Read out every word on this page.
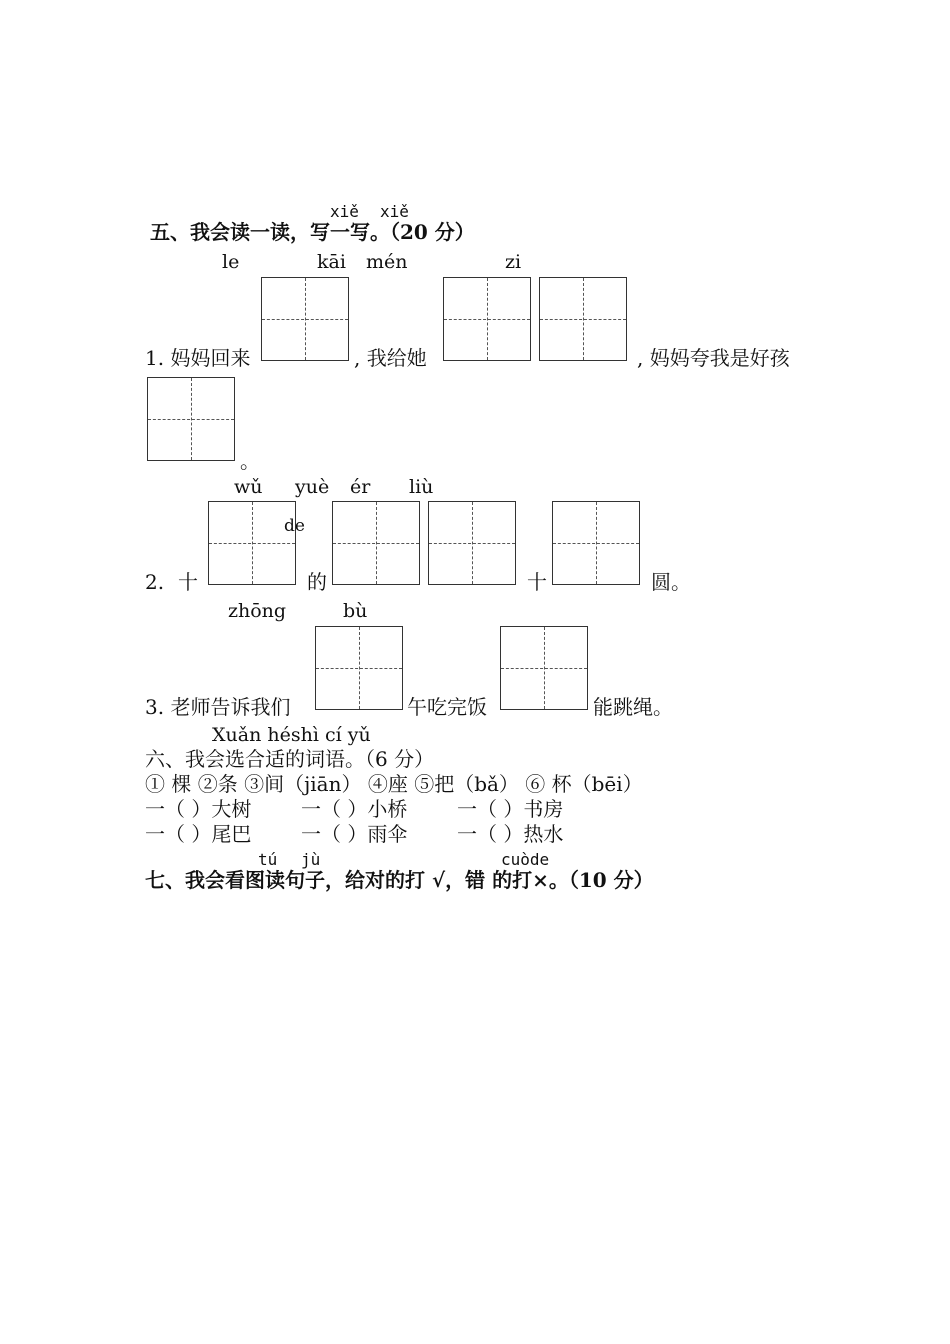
xiě xiě
五、我会读一读，写一写。（20 分）
le	kāi mén	zi
1. 妈妈回来	, 我给她	, 妈妈夸我是好孩
。
wǔ yuè ér liù
2. 十
de
的	十	圆。
zhōng	bù
3. 老师告诉我们	午吃完饭	能跳绳。
Xuǎn héshì cí yǔ
六、我会选合适的词语。（6 分）
① 棵 ②条 ③间（jiān） ④座 ⑤把（bǎ） ⑥ 杯（bēi）
一（ ）大树 一（ ）小桥 一（ ）书房
一（ ）尾巴 一（ ）雨伞 一（ ）热水
tú jù	cuòde
七、我会看图读句子，给对的打 √，错 的打×。（10 分）
